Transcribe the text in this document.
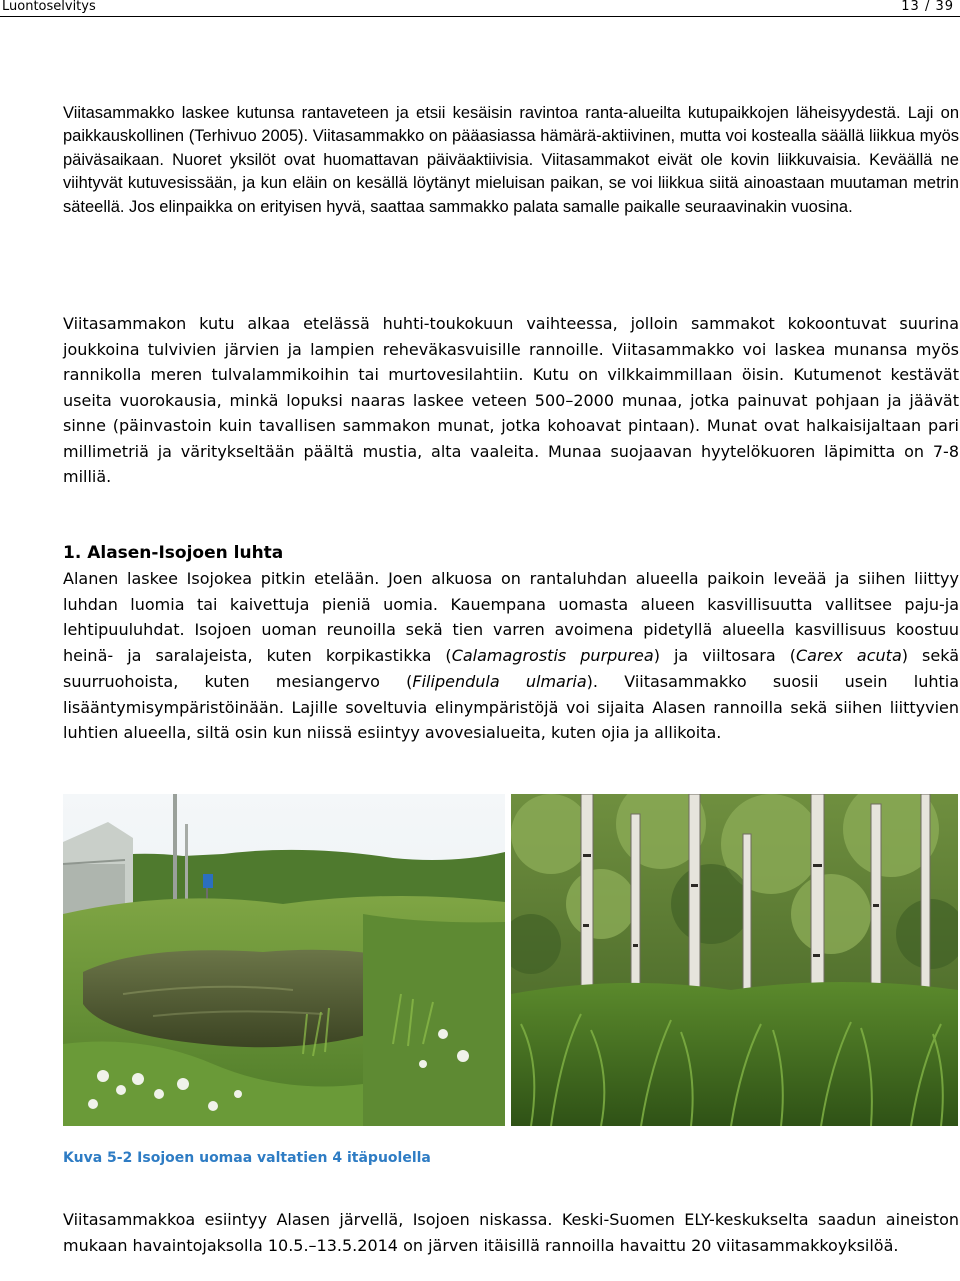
Luontoselvitys	13 / 39

Viitasammakko laskee kutunsa rantaveteen ja etsii kesäisin ravintoa ranta-alueilta kutupaikkojen läheisyydestä. Laji on paikkauskollinen (Terhivuo 2005). Viitasammakko on pääasiassa hämärä-aktiivinen, mutta voi kostealla säällä liikkua myös päiväsaikaan. Nuoret yksilöt ovat huomattavan päiväaktiivisia. Viitasammakot eivät ole kovin liikkuvaisia. Keväällä ne viihtyvät kutuvesissään, ja kun eläin on kesällä löytänyt mieluisan paikan, se voi liikkua siitä ainoastaan muutaman metrin säteellä. Jos elinpaikka on erityisen hyvä, saattaa sammakko palata samalle paikalle seuraavinakin vuosina.

Viitasammakon kutu alkaa etelässä huhti-toukokuun vaihteessa, jolloin sammakot kokoontuvat suurina joukkoina tulvivien järvien ja lampien reheväkasvuisille rannoille. Viitasammakko voi laskea munansa myös rannikolla meren tulvalammikoihin tai murtovesilahtiin. Kutu on vilkkaimmillaan öisin. Kutumenot kestävät useita vuorokausia, minkä lopuksi naaras laskee veteen 500–2000 munaa, jotka painuvat pohjaan ja jäävät sinne (päinvastoin kuin tavallisen sammakon munat, jotka kohoavat pintaan). Munat ovat halkaisijaltaan pari millimetriä ja väritykseltään päältä mustia, alta vaaleita. Munaa suojaavan hyytelökuoren läpimitta on 7-8 milliä.

1. Alasen-Isojoen luhta

Alanen laskee Isojokea pitkin etelään. Joen alkuosa on rantaluhdan alueella paikoin leveää ja siihen liittyy luhdan luomia tai kaivettuja pieniä uomia. Kauempana uomasta alueen kasvillisuutta vallitsee paju-ja lehtipuuluhdat. Isojoen uoman reunoilla sekä tien varren avoimena pidetyllä alueella kasvillisuus koostuu heinä- ja saralajeista, kuten korpikastikka (Calamagrostis purpurea) ja viiltosara (Carex acuta) sekä suurruohoista, kuten mesiangervo (Filipendula ulmaria). Viitasammakko suosii usein luhtia lisääntymisympäristöinään. Lajille soveltuvia elinympäristöjä voi sijaita Alasen rannoilla sekä siihen liittyvien luhtien alueella, siltä osin kun niissä esiintyy avovesialueita, kuten ojia ja allikoita.

Kuva 5-2 Isojoen uomaa valtatien 4 itäpuolella

Viitasammakkoa esiintyy Alasen järvellä, Isojoen niskassa. Keski-Suomen ELY-keskukselta saadun aineiston mukaan havaintojaksolla 10.5.–13.5.2014 on järven itäisillä rannoilla havaittu 20 viitasammakkoyksilöä.
